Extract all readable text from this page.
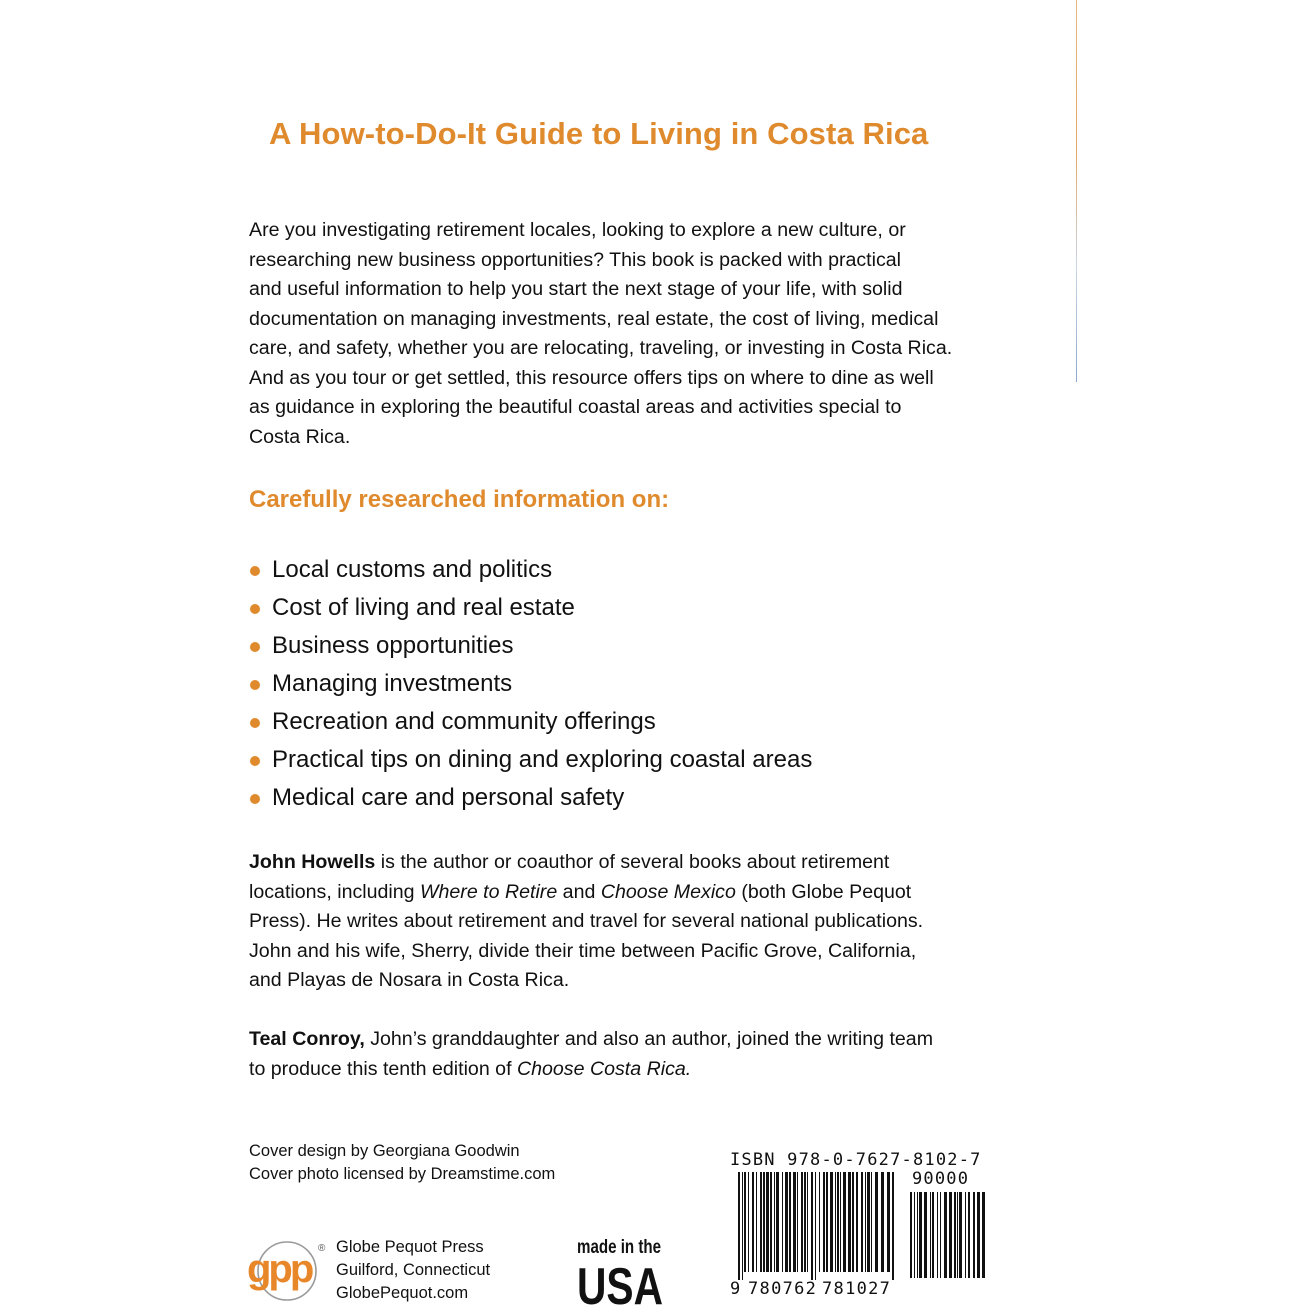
A How-to-Do-It Guide to Living in Costa Rica

Are you investigating retirement locales, looking to explore a new culture, or
researching new business opportunities? This book is packed with practical
and useful information to help you start the next stage of your life, with solid
documentation on managing investments, real estate, the cost of living, medical
care, and safety, whether you are relocating, traveling, or investing in Costa Rica.
And as you tour or get settled, this resource offers tips on where to dine as well
as guidance in exploring the beautiful coastal areas and activities special to
Costa Rica.

Carefully researched information on:
Local customs and politics
Cost of living and real estate
Business opportunities
Managing investments
Recreation and community offerings
Practical tips on dining and exploring coastal areas
Medical care and personal safety

John Howells is the author or coauthor of several books about retirement
locations, including Where to Retire and Choose Mexico (both Globe Pequot
Press). He writes about retirement and travel for several national publications.
John and his wife, Sherry, divide their time between Pacific Grove, California,
and Playas de Nosara in Costa Rica.

Teal Conroy, John’s granddaughter and also an author, joined the writing team
to produce this tenth edition of Choose Costa Rica.

Cover design by Georgiana Goodwin
Cover photo licensed by Dreamstime.com
gpp ® Globe Pequot Press
Guilford, Connecticut
GlobePequot.com
made in the
USA
ISBN 978-0-7627-8102-7
90000
9 780762 781027
